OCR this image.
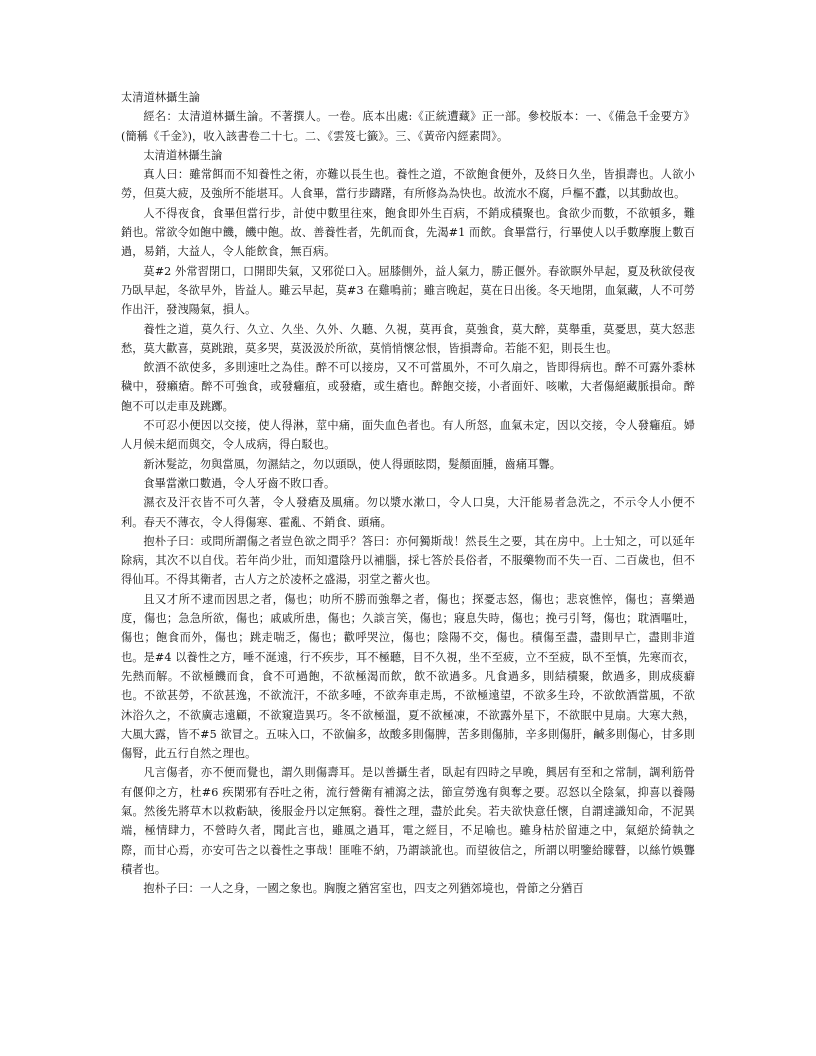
太清道林攝生論

經名：太清道林攝生論。不著撰人。一卷。底本出處:《正統遭藏》正一部。參校版本：一、《備急千金要方》(簡稱《千金》)，收入該書卷二十七。二、《雲笈七籤》。三、《黃帝內經素問》。

太清道林攝生論

真人曰：雖常餌而不知養性之術，亦難以長生也。養性之道，不欲飽食便外，及終日久坐，皆損壽也。人欲小勞，但莫大疲，及強所不能堪耳。人食畢，當行步躊躇，有所修為為快也。故流水不腐，戶樞不蠹，以其動故也。

人不得夜食，食畢但當行步，計使中數里往來，飽食即外生百病，不銷成積聚也。食欲少而數，不欲頓多，難銷也。常欲令如飽中饑，饑中飽。故、善養性者，先飢而食，先渴#1 而飲。食畢當行，行畢使人以手數摩腹上數百過，易銷，大益人，令人能飲食，無百病。

莫#2 外常習閉口，口開即失氣，又邪從口入。屈膝側外，益人氣力，勝正偃外。春欲瞑外早起，夏及秋欲侵夜乃臥早起，冬欲早外，皆益人。雖云早起，莫#3 在雞鳴前；雖言晚起，莫在日出後。冬天地閉，血氣藏，人不可勞作出汗，發洩陽氣，損人。

養性之道，莫久行、久立、久坐、久外、久聽、久視，莫再食，莫強食，莫大醉，莫舉重，莫憂思，莫大怒悲愁，莫大歡喜，莫跳踉，莫多哭，莫汲汲於所欲，莫悄悄懷忿恨，皆損壽命。若能不犯，則長生也。

飲酒不欲使多，多則速吐之為佳。醉不可以接房，又不可當風外，不可久扇之，皆即得病也。醉不可露外黍林穢中，發癩瘡。醉不可強食，或發癰疽，或發瘡，或生瘡也。醉飽交接，小者面奸、咳嗽，大者傷絕藏脈損命。醉飽不可以走車及跳躑。

不可忍小便因以交接，使人得淋，莖中痛，面失血色者也。有人所怒，血氣未定，因以交接，令人發癰疽。婦人月候未絕而與交，令人成病，得白駁也。

新沐髮訖，勿與當風，勿濕結之，勿以頭臥，使人得頭眩悶，髮顏面腫，齒痛耳聾。

食畢當漱口數過，令人牙齒不敗口香。

濕衣及汗衣皆不可久著，令人發瘡及風痛。勿以漿水漱口，令人口臭，大汗能易者急洗之，不示令人小便不利。春天不薄衣，令人得傷寒、霍亂、不銷食、頭痛。

抱朴子曰：或問所謂傷之者豈色欲之問乎？答曰：亦何獨斯哉！然長生之要，其在房中。上士知之，可以延年除病，其次不以自伐。若年尚少壯，而知還陰丹以補腦，採七答於長俗者，不服藥物而不失一百、二百歲也，但不得仙耳。不得其衛者，古人方之於凌杯之盛湯，羽堂之蓄火也。

且又才所不逮而因思之者，傷也；叻所不勝而強舉之者，傷也；探憂志怒，傷也；悲哀憔悴，傷也；喜樂過度，傷也；急急所欲，傷也；戚戚所患，傷也；久談言笑，傷也；寢息失時，傷也；挽弓引弩，傷也；耽酒嘔吐，傷也；飽食而外，傷也；跳走喘乏，傷也；歡呼哭泣，傷也；陰陽不交，傷也。積傷至盡，盡則早亡，盡則非道也。是#4 以養性之方，唾不涎遠，行不疾步，耳不極聽，目不久視，坐不至疲，立不至疲，臥不至慎，先寒而衣，先熱而解。不欲極饑而食，食不可過飽，不欲極渴而飲，飲不欲過多。凡食過多，則結積聚，飲過多，則成痰癖也。不欲甚勞，不欲甚逸，不欲流汗，不欲多唾，不欲奔車走馬，不欲極遠望，不欲多生玲，不欲飲酒當風，不欲沐浴久之，不欲廣志遠顧，不欲窺造異巧。冬不欲極溫，夏不欲極凍，不欲露外星下，不欲眠中見扇。大寒大熱，大風大露，皆不#5 欲冒之。五味入口，不欲偏多，故酸多則傷脾，苦多則傷肺，辛多則傷肝，鹹多則傷心，甘多則傷腎，此五行自然之理也。

凡言傷者，亦不便而覺也，謂久則傷壽耳。是以善攝生者，臥起有四時之早晚，興居有至和之常制，調利筋骨有偃仰之方，杜#6 疾閑邪有吞吐之術，流行營衛有補瀉之法，節宣勞逸有與奪之要。忍怒以全陰氣，抑喜以養陽氣。然後先將草木以救虧缺，後服金丹以定無窮。養性之理，盡於此矣。若夫欲快意任懷，自謂達識知命，不泥異端，極情肆力，不營時久者，聞此言也，雖風之過耳，電之經目，不足喻也。雖身枯於留連之中，氣絕於綺執之際，而甘心焉，亦安可告之以養性之事哉！匪唯不納，乃謂談訛也。而望彼信之，所謂以明鑒給矇瞽，以絲竹娛聾積者也。

抱朴子曰：一人之身，一國之象也。胸腹之猶宮室也，四支之列猶郊境也，骨節之分猶百
